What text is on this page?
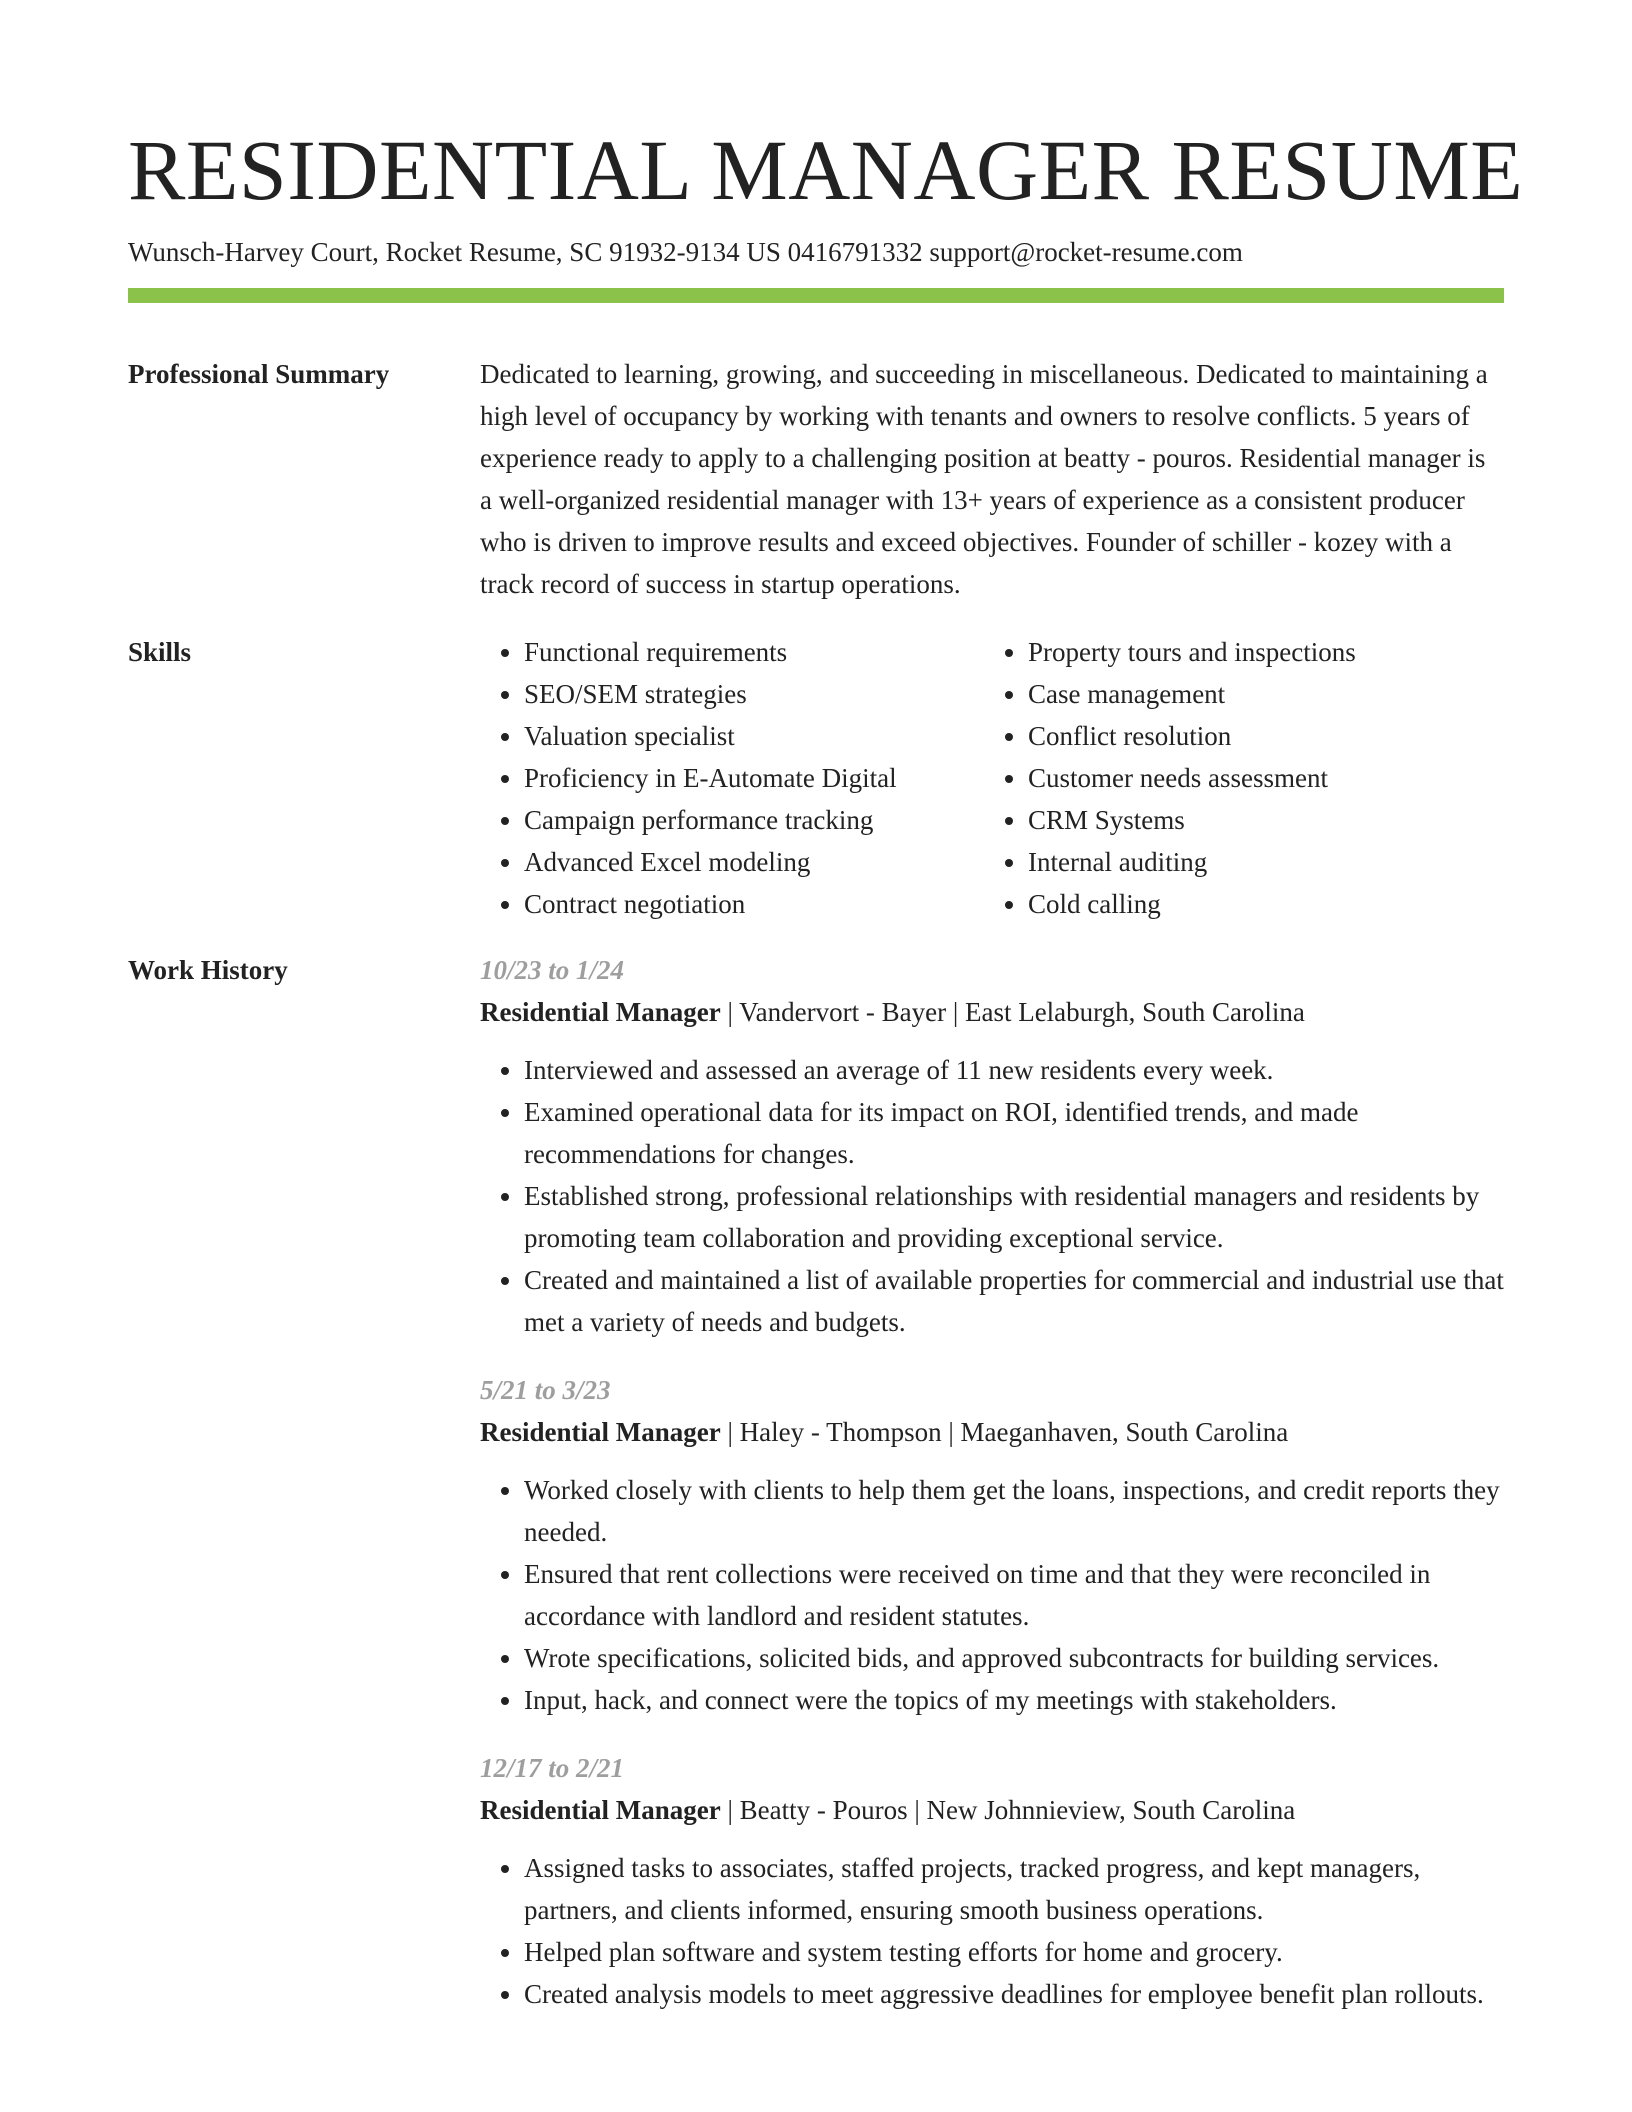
RESIDENTIAL MANAGER RESUME
Wunsch-Harvey Court, Rocket Resume, SC 91932-9134 US 0416791332 support@rocket-resume.com
Professional Summary	Dedicated to learning, growing, and succeeding in miscellaneous. Dedicated to maintaining a high level of occupancy by working with tenants and owners to resolve conflicts. 5 years of experience ready to apply to a challenging position at beatty - pouros. Residential manager is a well-organized residential manager with 13+ years of experience as a consistent producer who is driven to improve results and exceed objectives. Founder of schiller - kozey with a track record of success in startup operations.

Skills
•	Functional requirements
• SEO/SEM strategies
• Valuation specialist
• Proficiency in E-Automate Digital
• Campaign performance tracking
• Advanced Excel modeling
• Contract negotiation
• Property tours and inspections
• Case management
• Conflict resolution
• Customer needs assessment
• CRM Systems
• Internal auditing
• Cold calling
Work History	10/23 to 1/24
Residential Manager | Vandervort - Bayer | East Lelaburgh, South Carolina
• Interviewed and assessed an average of 11 new residents every week.
• Examined operational data for its impact on ROI, identified trends, and made recommendations for changes.
• Established strong, professional relationships with residential managers and residents by promoting team collaboration and providing exceptional service.
• Created and maintained a list of available properties for commercial and industrial use that met a variety of needs and budgets.
5/21 to 3/23
Residential Manager | Haley - Thompson | Maeganhaven, South Carolina
• Worked closely with clients to help them get the loans, inspections, and credit reports they needed.
• Ensured that rent collections were received on time and that they were reconciled in accordance with landlord and resident statutes.
• Wrote specifications, solicited bids, and approved subcontracts for building services.
• Input, hack, and connect were the topics of my meetings with stakeholders.
12/17 to 2/21
Residential Manager | Beatty - Pouros | New Johnnieview, South Carolina
• Assigned tasks to associates, staffed projects, tracked progress, and kept managers, partners, and clients informed, ensuring smooth business operations.
• Helped plan software and system testing efforts for home and grocery.
• Created analysis models to meet aggressive deadlines for employee benefit plan rollouts.
